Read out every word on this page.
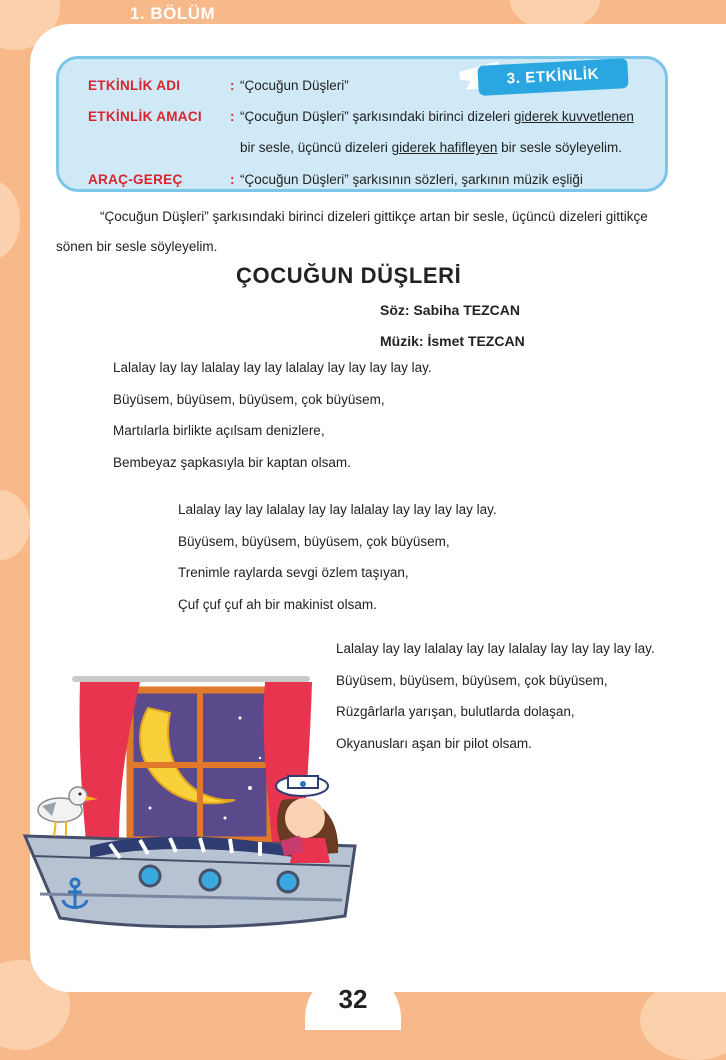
1. BÖLÜM
3. ETKİNLİK
ETKİNLİK ADI	: “Çocuğun Düşleri”
ETKİNLİK AMACI : “Çocuğun Düşleri” şarkısındaki birinci dizeleri giderek kuvvetlenen
bir sesle, üçüncü dizeleri giderek hafifleyen bir sesle söyleyelim.
ARAÇ-GEREÇ	: “Çocuğun Düşleri” şarkısının sözleri, şarkının müzik eşliği
“Çocuğun Düşleri” şarkısındaki birinci dizeleri gittikçe artan bir sesle, üçüncü dizeleri gittikçe sönen bir sesle söyleyelim.
ÇOCUĞUN DÜŞLERİ
Söz: Sabiha TEZCAN
Müzik: İsmet TEZCAN
Lalalay lay lay lalalay lay lay lalalay lay lay lay lay lay.
Büyüsem, büyüsem, büyüsem, çok büyüsem,
Martılarla birlikte açılsam denizlere,
Bembeyaz şapkasıyla bir kaptan olsam.
Lalalay lay lay lalalay lay lay lalalay lay lay lay lay lay.
Büyüsem, büyüsem, büyüsem, çok büyüsem,
Trenimle raylarda sevgi özlem taşıyan,
Çuf çuf çuf ah bir makinist olsam.
Lalalay lay lay lalalay lay lay lalalay lay lay lay lay lay.
Büyüsem, büyüsem, büyüsem, çok büyüsem,
Rüzgârlarla yarışan, bulutlarda dolaşan,
Okyanusları aşan bir pilot olsam.
32
